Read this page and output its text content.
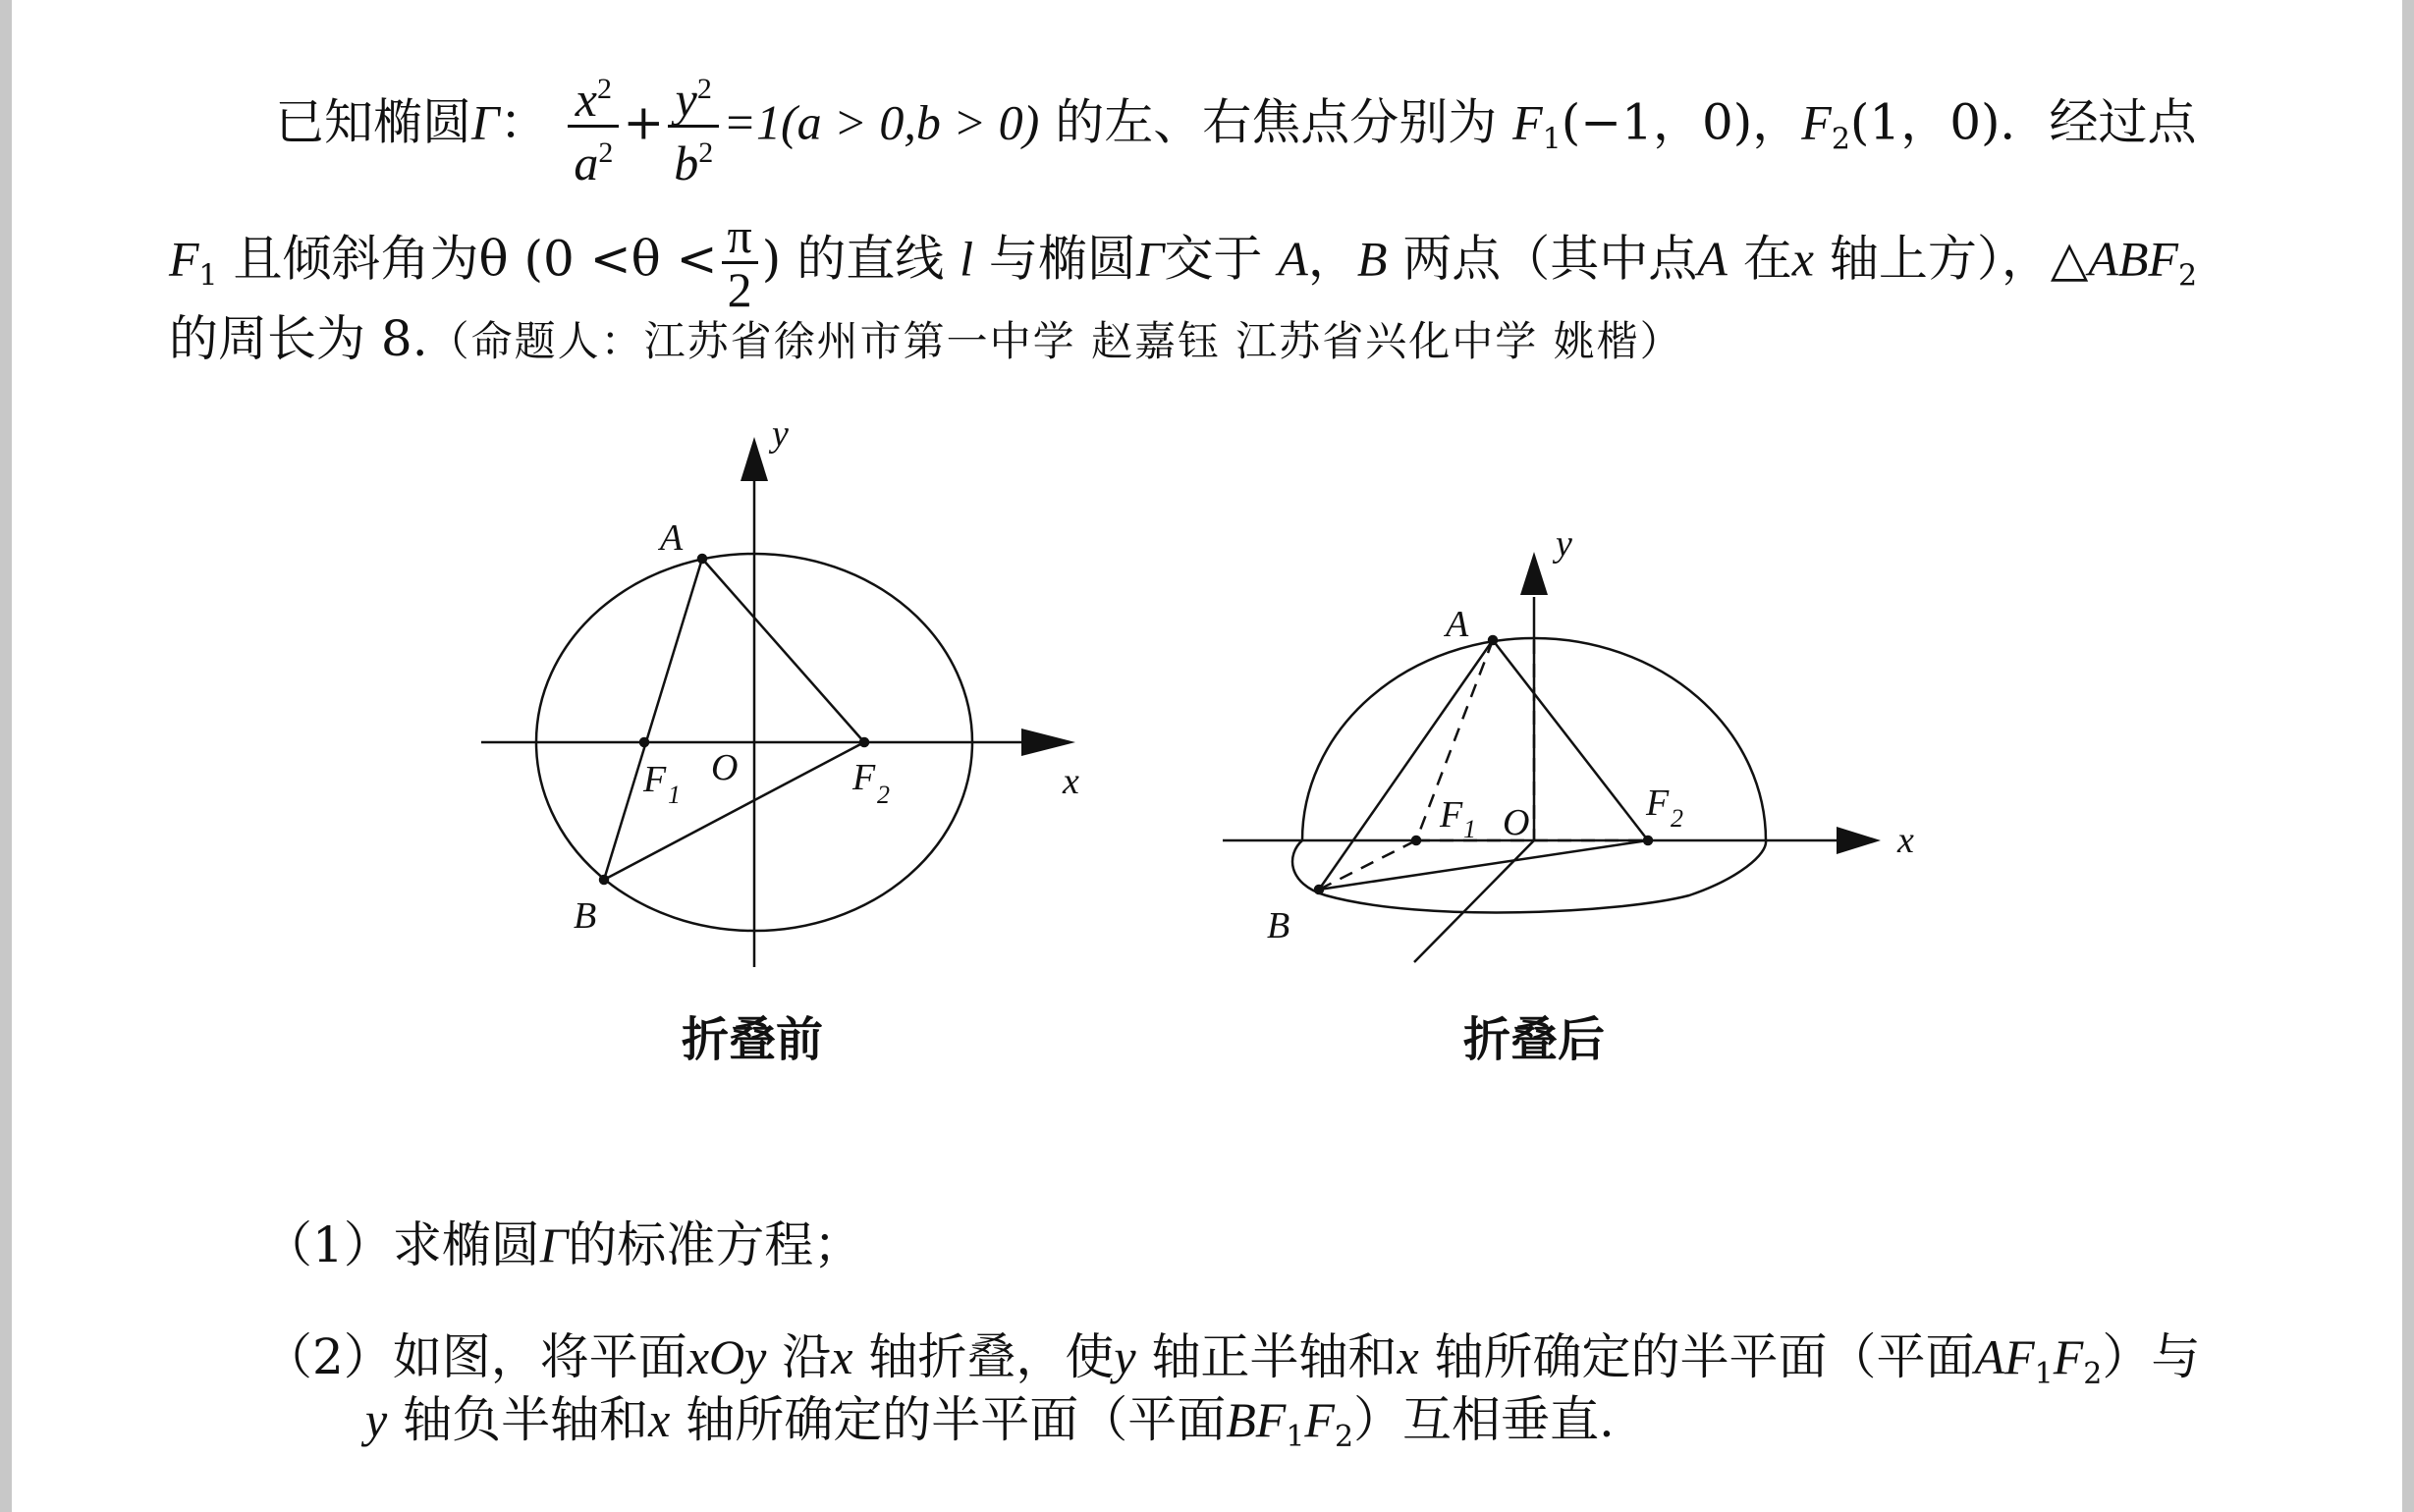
已知椭圆Γ： $\frac{x^2}{a^2} + \frac{y^2}{b^2} =1(a > 0,b > 0)$ 的左、右焦点分别为 $F_1(-1$，0)，$F_2(1$，0)．经过点
$F_1$ 且倾斜角为θ ($0 <\theta < \frac{\pi}{2}$ ) 的直线 l 与椭圆Γ交于 A，B 两点（其中点A 在x 轴上方），$\triangle ABF_2$
的周长为 8.（命题人：江苏省徐州市第一中学 赵嘉钰 江苏省兴化中学 姚楷）
y
A
O
F 1	F 2	x
B
y
A
F 1 O	F 2
x
B
折叠前	折叠后
（1）求椭圆Γ的标准方程；
（2）如图，将平面xOy 沿x 轴折叠，使y 轴正半轴和x 轴所确定的半平面（平面$AF_1F_2$）与
y 轴负半轴和x 轴所确定的半平面（平面$BF_1F_2$）互相垂直.
